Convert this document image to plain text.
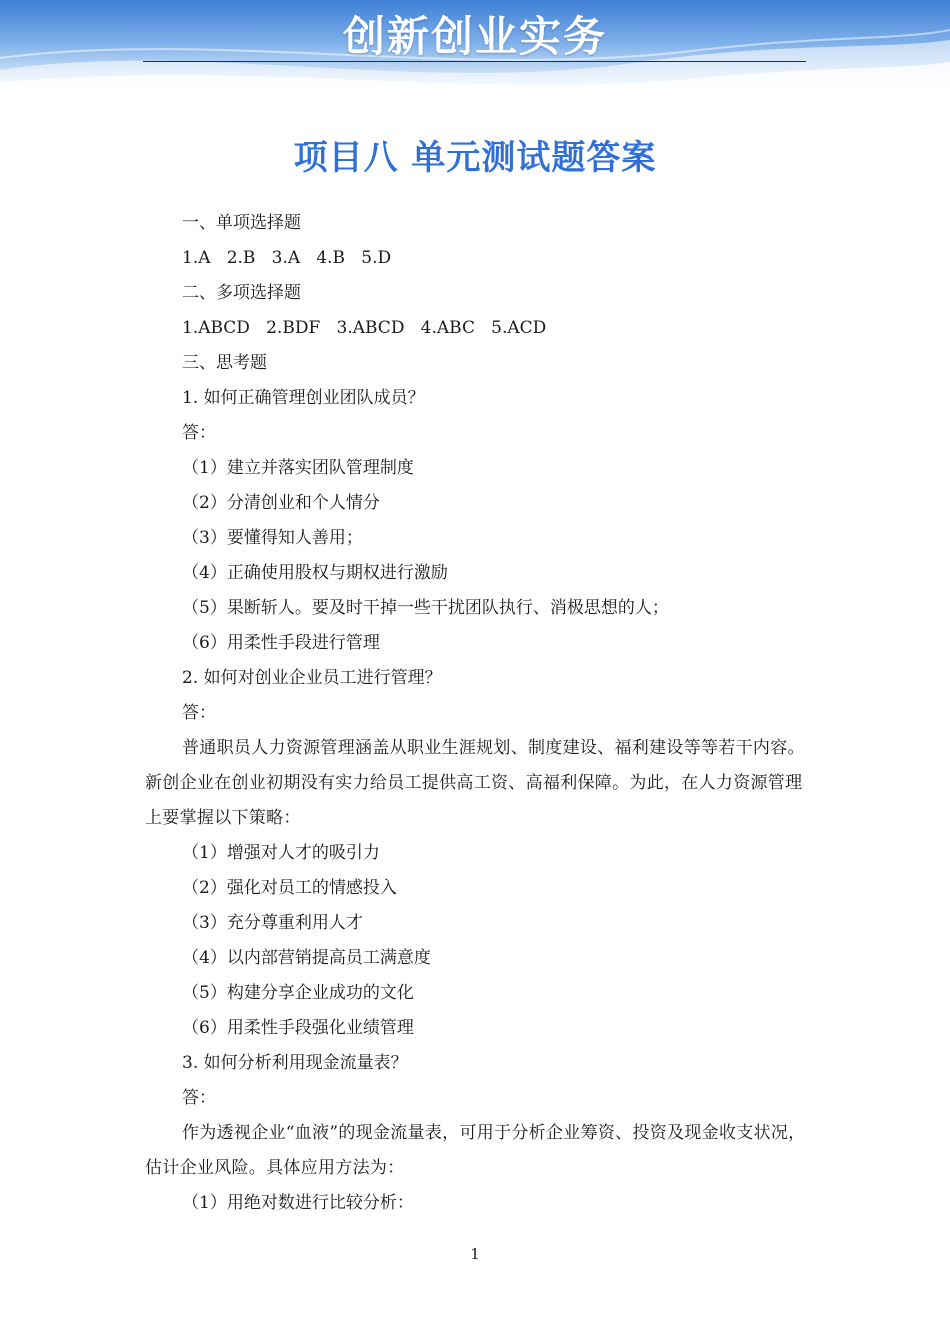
创新创业实务
项目八 单元测试题答案

一、单项选择题

1.A   2.B   3.A   4.B   5.D

二、多项选择题

1.ABCD   2.BDF   3.ABCD   4.ABC   5.ACD

三、思考题

1. 如何正确管理创业团队成员？

答：

（1）建立并落实团队管理制度

（2）分清创业和个人情分

（3）要懂得知人善用；

（4）正确使用股权与期权进行激励

（5）果断斩人。要及时干掉一些干扰团队执行、消极思想的人；

（6）用柔性手段进行管理

2. 如何对创业企业员工进行管理？

答：

普通职员人力资源管理涵盖从职业生涯规划、制度建设、福利建设等等若干内容。新创企业在创业初期没有实力给员工提供高工资、高福利保障。为此，在人力资源管理上要掌握以下策略：

（1）增强对人才的吸引力

（2）强化对员工的情感投入

（3）充分尊重利用人才

（4）以内部营销提高员工满意度

（5）构建分享企业成功的文化

（6）用柔性手段强化业绩管理

3. 如何分析利用现金流量表？

答：

作为透视企业“血液”的现金流量表，可用于分析企业筹资、投资及现金收支状况，估计企业风险。具体应用方法为：

（1）用绝对数进行比较分析：

1
